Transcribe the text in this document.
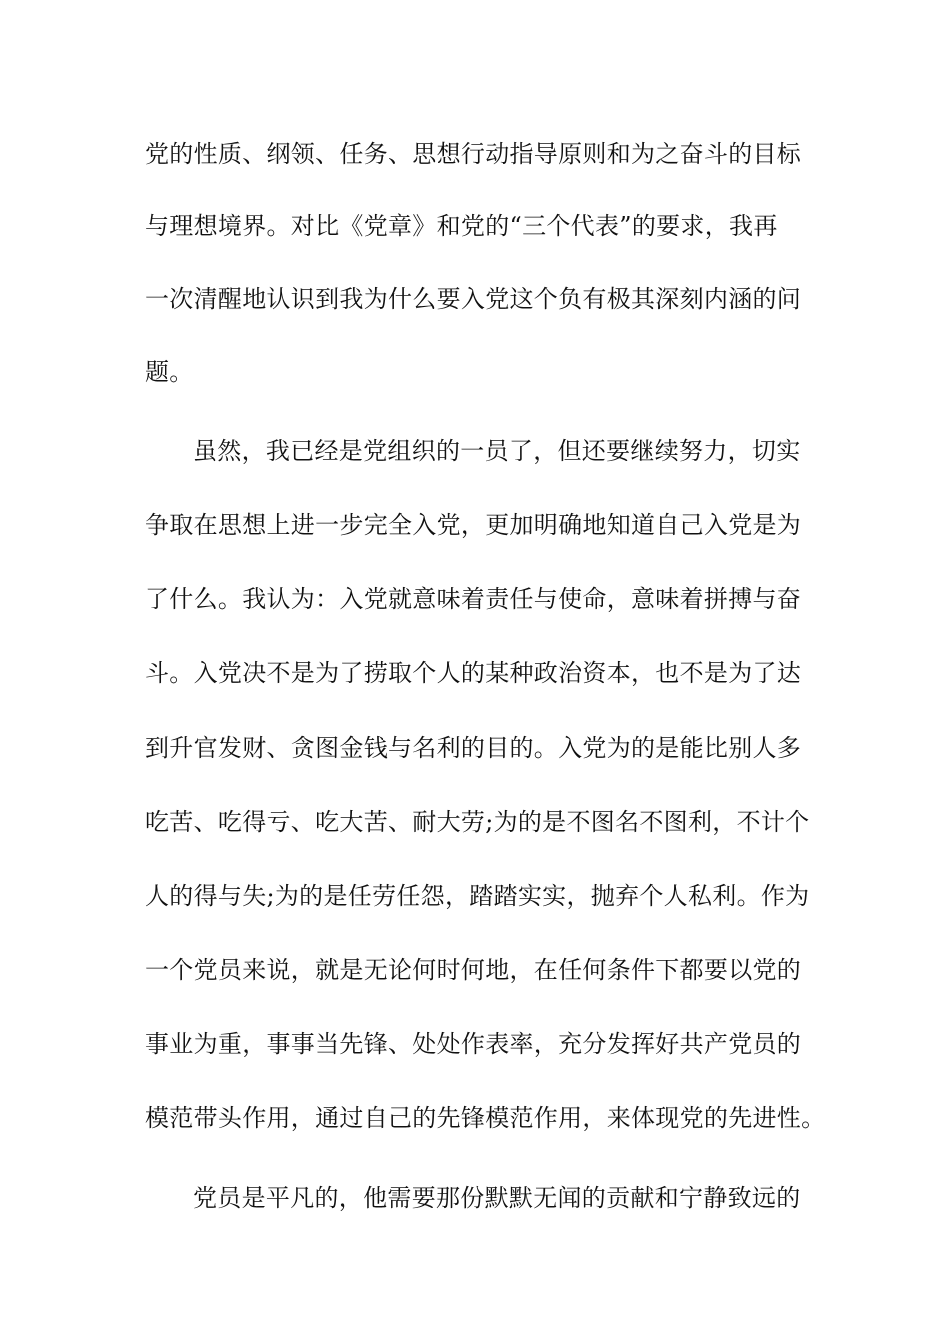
党的性质、纲领、任务、思想行动指导原则和为之奋斗的目标
与理想境界。对比《党章》和党的“三个代表”的要求，我再
一次清醒地认识到我为什么要入党这个负有极其深刻内涵的问
题。
虽然，我已经是党组织的一员了，但还要继续努力，切实
争取在思想上进一步完全入党，更加明确地知道自己入党是为
了什么。我认为：入党就意味着责任与使命，意味着拼搏与奋
斗。入党决不是为了捞取个人的某种政治资本，也不是为了达
到升官发财、贪图金钱与名利的目的。入党为的是能比别人多
吃苦、吃得亏、吃大苦、耐大劳;为的是不图名不图利，不计个
人的得与失;为的是任劳任怨，踏踏实实，抛弃个人私利。作为
一个党员来说，就是无论何时何地，在任何条件下都要以党的
事业为重，事事当先锋、处处作表率，充分发挥好共产党员的
模范带头作用，通过自己的先锋模范作用，来体现党的先进性。
党员是平凡的，他需要那份默默无闻的贡献和宁静致远的
